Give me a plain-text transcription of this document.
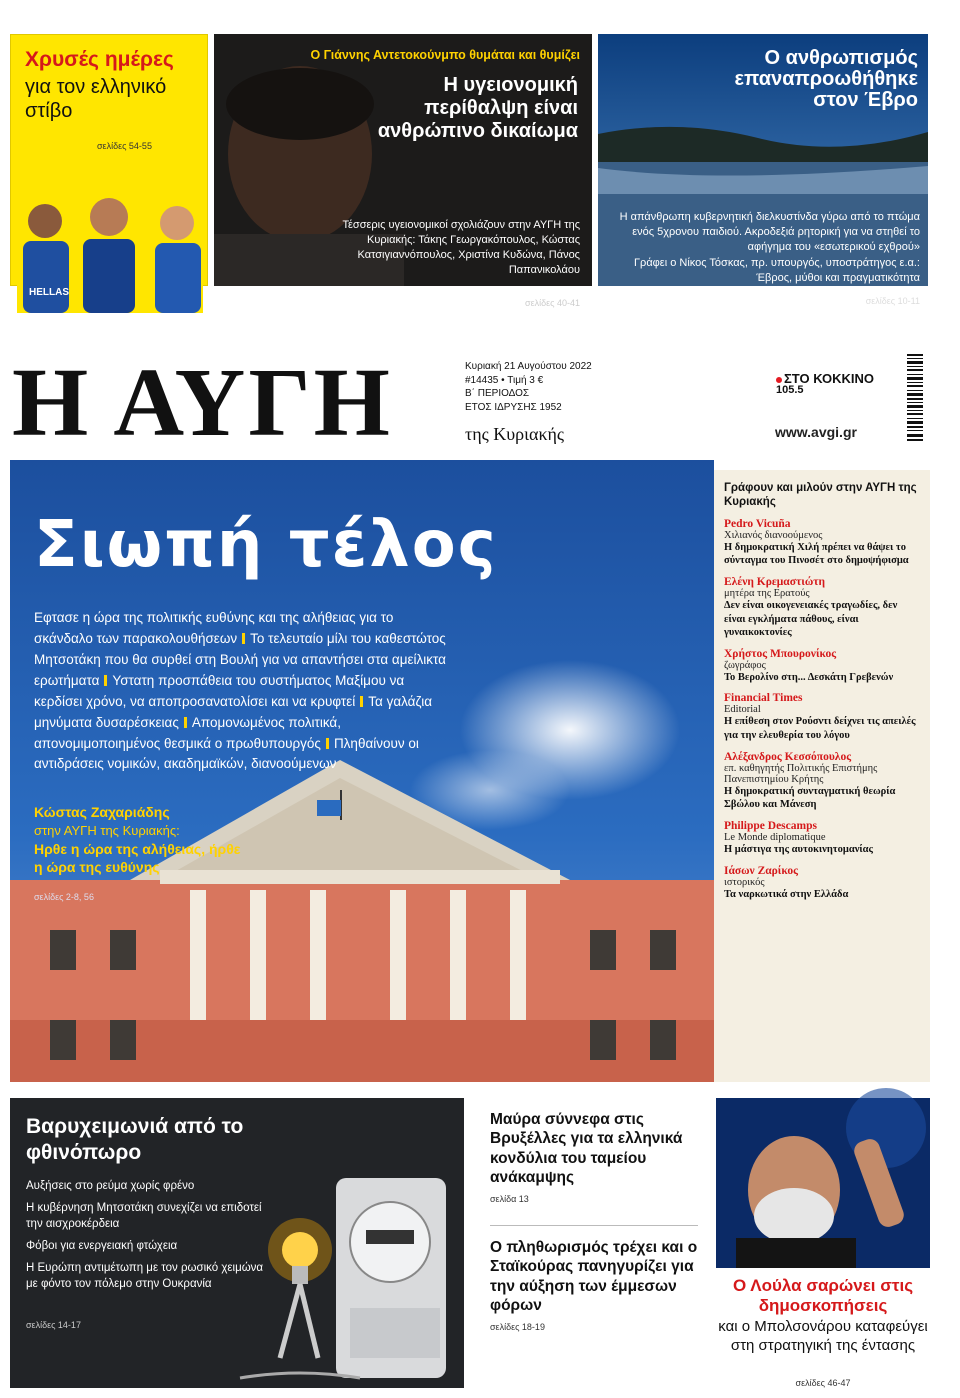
Χρυσές ημέρες
για τον ελληνικό στίβο
σελίδες 54-55
HELLAS
Ο Γιάννης Αντετοκούνμπο θυμάται και θυμίζει
Η υγειονομική περίθαλψη είναι ανθρώπινο δικαίωμα
Τέσσερις υγειονομικοί σχολιάζουν στην ΑΥΓΗ της Κυριακής: Τάκης Γεωργακόπουλος, Κώστας Κατσιγιαννόπουλος, Χριστίνα Κυδώνα, Πάνος Παπανικολάου
σελίδες 40-41
Ο ανθρωπισμός επαναπροωθήθηκε στον Έβρο
Η απάνθρωπη κυβερνητική διελκυστίνδα γύρω από το πτώμα ενός 5χρονου παιδιού. Ακροδεξιά ρητορική για να στηθεί το αφήγημα του «εσωτερικού εχθρού»
Γράφει ο Νίκος Τόσκας, πρ. υπουργός, υποστράτηγος ε.α.: Έβρος, μύθοι και πραγματικότητα
σελίδες 10-11
Η ΑΥΓΗ	Κυριακή 21 Αυγούστου 2022
#14435 • Τιμή 3 €
Β΄ ΠΕΡΙΟΔΟΣ
ΕΤΟΣ ΙΔΡΥΣΗΣ 1952
της Κυριακής
ΣΤΟ ΚΟΚΚΙΝΟ
105.5
www.avgi.gr
Σιωπή τέλος
Εφτασε η ώρα της πολιτικής ευθύνης και της αλήθειας για το σκάνδαλο των παρακολουθήσεων Το τελευταίο μίλι του καθεστώτος Μητσοτάκη που θα συρθεί στη Βουλή για να απαντήσει στα αμείλικτα ερωτήματα Υστατη προσπάθεια του συστήματος Μαξίμου να κερδίσει χρόνο, να αποπροσανατολίσει και να κρυφτεί Τα γαλάζια μηνύματα δυσαρέσκειας Απομονωμένος πολιτικά, απονομιμοποιημένος θεσμικά ο πρωθυπουργός Πληθαίνουν οι αντιδράσεις νομικών, ακαδημαϊκών, διανοούμενων
Κώστας Ζαχαριάδης
στην ΑΥΓΗ της Κυριακής:
Ηρθε η ώρα της αλήθειας, ήρθε η ώρα της ευθύνης
σελίδες 2-8, 56
Γράφουν και μιλούν στην ΑΥΓΗ της Κυριακής
Pedro Vicuña
Χιλιανός διανοούμενος
Η δημοκρατική Χιλή πρέπει να θάψει το σύνταγμα του Πινοσέτ στο δημοψήφισμα
Ελένη Κρεμαστιώτη
μητέρα της Ερατούς
Δεν είναι οικογενειακές τραγωδίες, δεν είναι εγκλήματα πάθους, είναι γυναικοκτονίες
Χρήστος Μπουρονίκος
ζωγράφος
Το Βερολίνο στη... Δεσκάτη Γρεβενών
Financial Times
Editorial
Η επίθεση στον Ρούσντι δείχνει τις απειλές για την ελευθερία του λόγου
Αλέξανδρος Κεσσόπουλος
επ. καθηγητής Πολιτικής Επιστήμης Πανεπιστημίου Κρήτης
Η δημοκρατική συνταγματική θεωρία Σβώλου και Μάνεση
Philippe Descamps
Le Monde diplomatique
Η μάστιγα της αυτοκινητομανίας
Ιάσων Ζαρίκος
ιστορικός
Τα ναρκωτικά στην Ελλάδα
Βαρυχειμωνιά από το φθινόπωρο
Αυξήσεις στο ρεύμα χωρίς φρένο
Η κυβέρνηση Μητσοτάκη συνεχίζει να επιδοτεί την αισχροκέρδεια
Φόβοι για ενεργειακή φτώχεια
Η Ευρώπη αντιμέτωπη με τον ρωσικό χειμώνα με φόντο τον πόλεμο στην Ουκρανία
σελίδες 14-17
Μαύρα σύννεφα στις Βρυξέλλες για τα ελληνικά κονδύλια του ταμείου ανάκαμψης
σελίδα 13
Ο πληθωρισμός τρέχει και ο Σταϊκούρας πανηγυρίζει για την αύξηση των έμμεσων φόρων
σελίδες 18-19
Ο Λούλα σαρώνει στις δημοσκοπήσεις
και ο Μπολσονάρου καταφεύγει στη στρατηγική της έντασης
σελίδες 46-47
